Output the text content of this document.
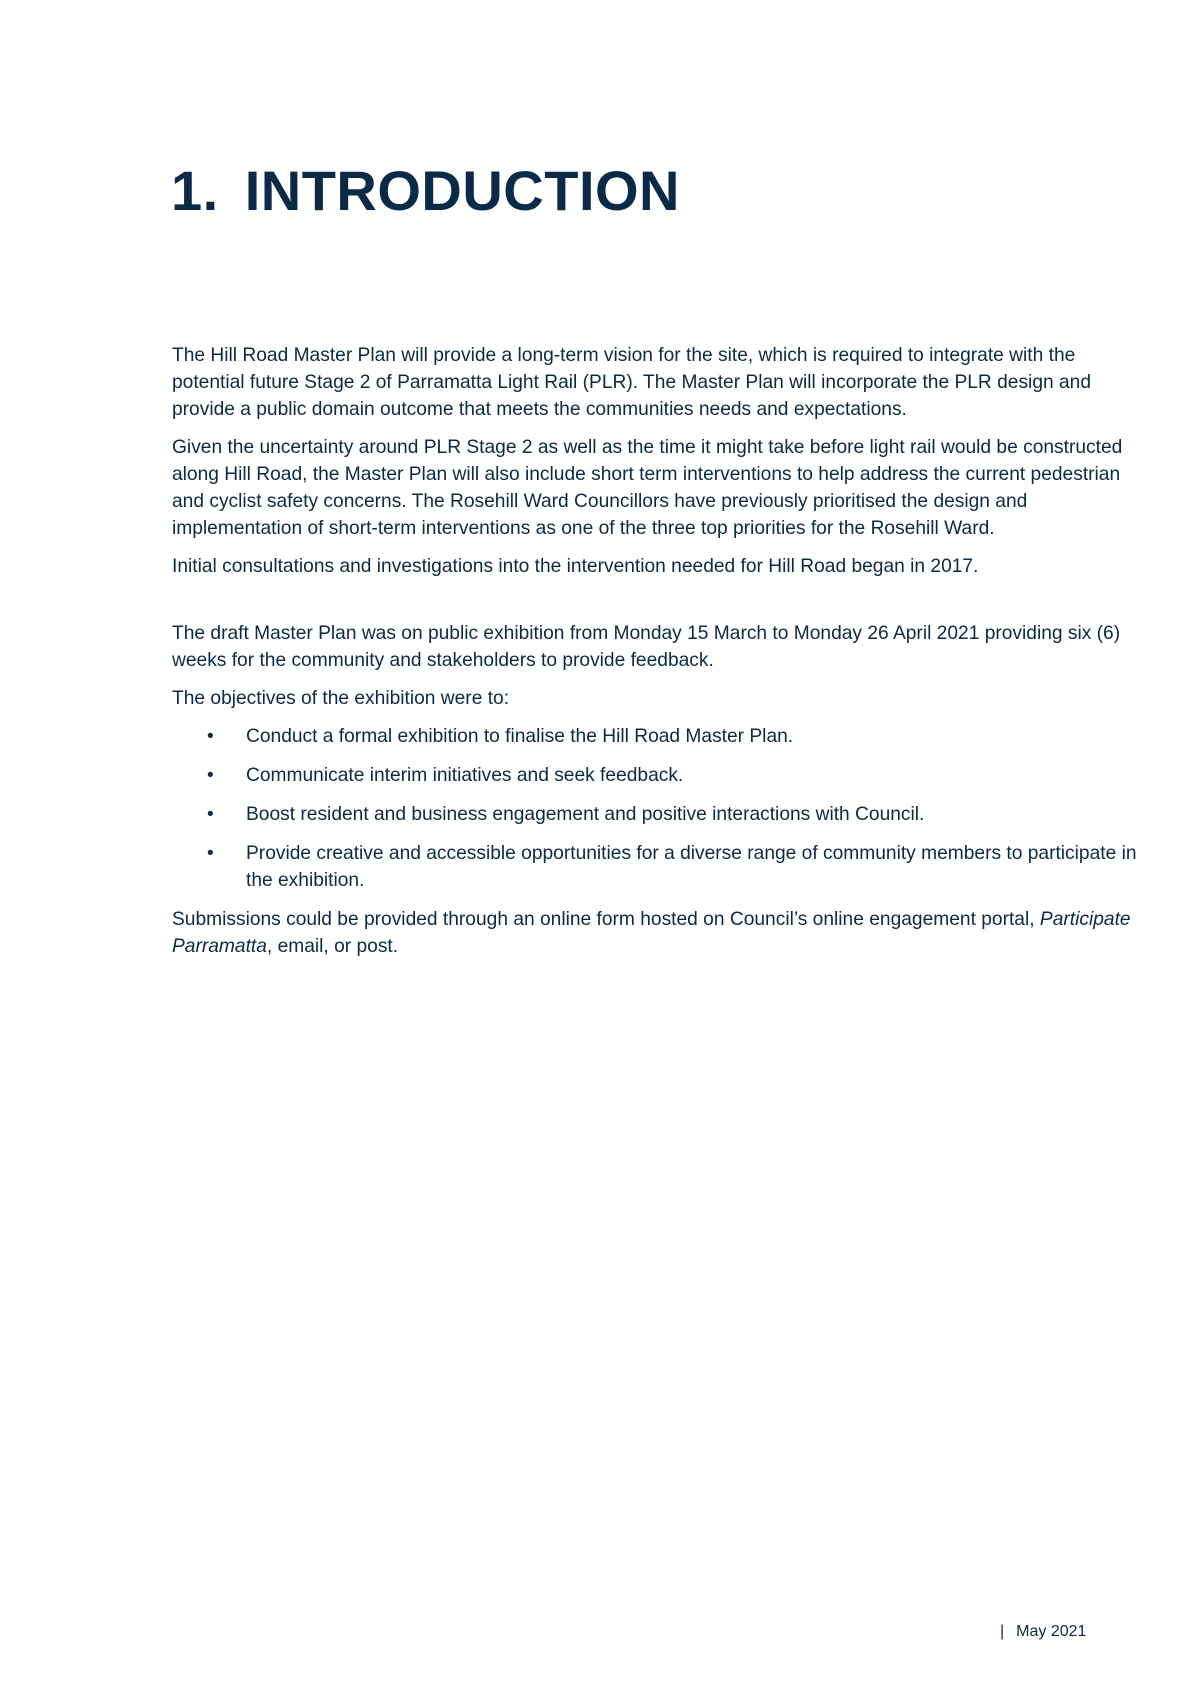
1. INTRODUCTION

The Hill Road Master Plan will provide a long-term vision for the site, which is required to integrate with the potential future Stage 2 of Parramatta Light Rail (PLR). The Master Plan will incorporate the PLR design and provide a public domain outcome that meets the communities needs and expectations.

Given the uncertainty around PLR Stage 2 as well as the time it might take before light rail would be constructed along Hill Road, the Master Plan will also include short term interventions to help address the current pedestrian and cyclist safety concerns. The Rosehill Ward Councillors have previously prioritised the design and implementation of short-term interventions as one of the three top priorities for the Rosehill Ward.

Initial consultations and investigations into the intervention needed for Hill Road began in 2017.

The draft Master Plan was on public exhibition from Monday 15 March to Monday 26 April 2021 providing six (6) weeks for the community and stakeholders to provide feedback.

The objectives of the exhibition were to:

• Conduct a formal exhibition to finalise the Hill Road Master Plan.
• Communicate interim initiatives and seek feedback.
• Boost resident and business engagement and positive interactions with Council.
• Provide creative and accessible opportunities for a diverse range of community members to participate in the exhibition.

Submissions could be provided through an online form hosted on Council’s online engagement portal, Participate Parramatta, email, or post.

| May 2021
